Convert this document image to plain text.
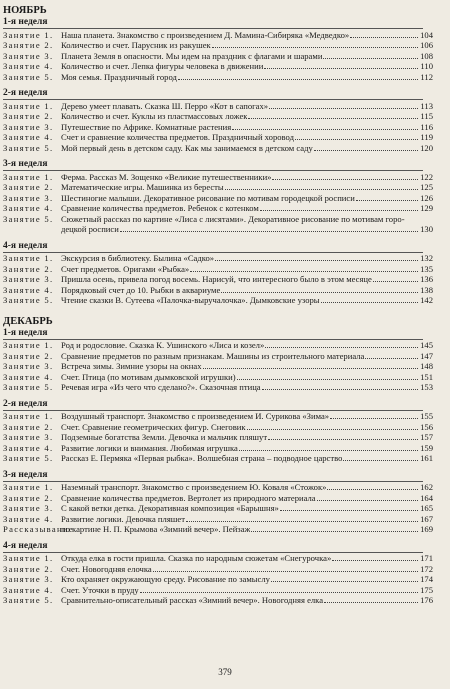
НОЯБРЬ
1-я неделя
Занятие 1. Наша планета. Знакомство с произведением Д. Мамина-Сибиряка «Медведко»	104
Занятие 2. Количество и счет. Парусник из ракушек	106
Занятие 3. Планета Земля в опасности. Мы идем на праздник с флагами и шарами	108
Занятие 4. Количество и счет. Лепка фигуры человека в движении	110
Занятие 5. Моя семья. Праздничный город	112
2-я неделя
Занятие 1. Дерево умеет плавать. Сказка Ш. Перро «Кот в сапогах»	113
Занятие 2. Количество и счет. Куклы из пластмассовых ложек	115
Занятие 3. Путешествие по Африке. Комнатные растения	116
Занятие 4. Счет и сравнение количества предметов. Праздничный хоровод	119
Занятие 5. Мой первый день в детском саду. Как мы занимаемся в детском саду	120
3-я неделя
Занятие 1. Ферма. Рассказ М. Зощенко «Великие путешественники»	122
Занятие 2. Математические игры. Машинка из бересты	125
Занятие 3. Шестиногие малыши. Декоративное рисование по мотивам городецкой росписи	126
Занятие 4. Сравнение количества предметов. Ребенок с котенком	129
Занятие 5. Сюжетный рассказ по картине «Лиса с лисятами». Декоративное рисование по мотивам горо-
децкой росписи	130
4-я неделя
Занятие 1. Экскурсия в библиотеку. Былина «Садко»	132
Занятие 2. Счет предметов. Оригами «Рыбка»	135
Занятие 3. Пришла осень, привела погод восемь. Нарисуй, что интересного было в этом месяце	136
Занятие 4. Порядковый счет до 10. Рыбки в аквариуме	138
Занятие 5. Чтение сказки В. Сутеева «Палочка-выручалочка». Дымковские узоры	142
ДЕКАБРЬ
1-я неделя
Занятие 1. Род и родословие. Сказка К. Ушинского «Лиса и козел»	145
Занятие 2. Сравнение предметов по разным признакам. Машины из строительного материала	147
Занятие 3. Встреча зимы. Зимние узоры на окнах	148
Занятие 4. Счет. Птица (по мотивам дымковской игрушки)	151
Занятие 5. Речевая игра «Из чего что сделано?». Сказочная птица	153
2-я неделя
Занятие 1. Воздушный транспорт. Знакомство с произведением И. Сурикова «Зима»	155
Занятие 2. Счет. Сравнение геометрических фигур. Снеговик	156
Занятие 3. Подземные богатства Земли. Девочка и мальчик пляшут	157
Занятие 4. Развитие логики и внимания. Любимая игрушка	159
Занятие 5. Рассказ Е. Пермяка «Первая рыбка». Волшебная страна – подводное царство	161
3-я неделя
Занятие 1. Наземный транспорт. Знакомство с произведением Ю. Коваля «Стожок»	162
Занятие 2. Сравнение количества предметов. Вертолет из природного материала	164
Занятие 3. С какой ветки детка. Декоративная композиция «Барышня»	165
Занятие 4. Развитие логики. Девочка пляшет	167
Рассказывание
по картине Н. П. Крымова «Зимний вечер». Пейзаж	169
4-я неделя
Занятие 1. Откуда елка в гости пришла. Сказка по народным сюжетам «Снегурочка»	171
Занятие 2. Счет. Новогодняя елочка	172
Занятие 3. Кто охраняет окружающую среду. Рисование по замыслу	174
Занятие 4. Счет. Уточки в пруду	175
Занятие 5. Сравнительно-описательный рассказ «Зимний вечер». Новогодняя елка	176
379
